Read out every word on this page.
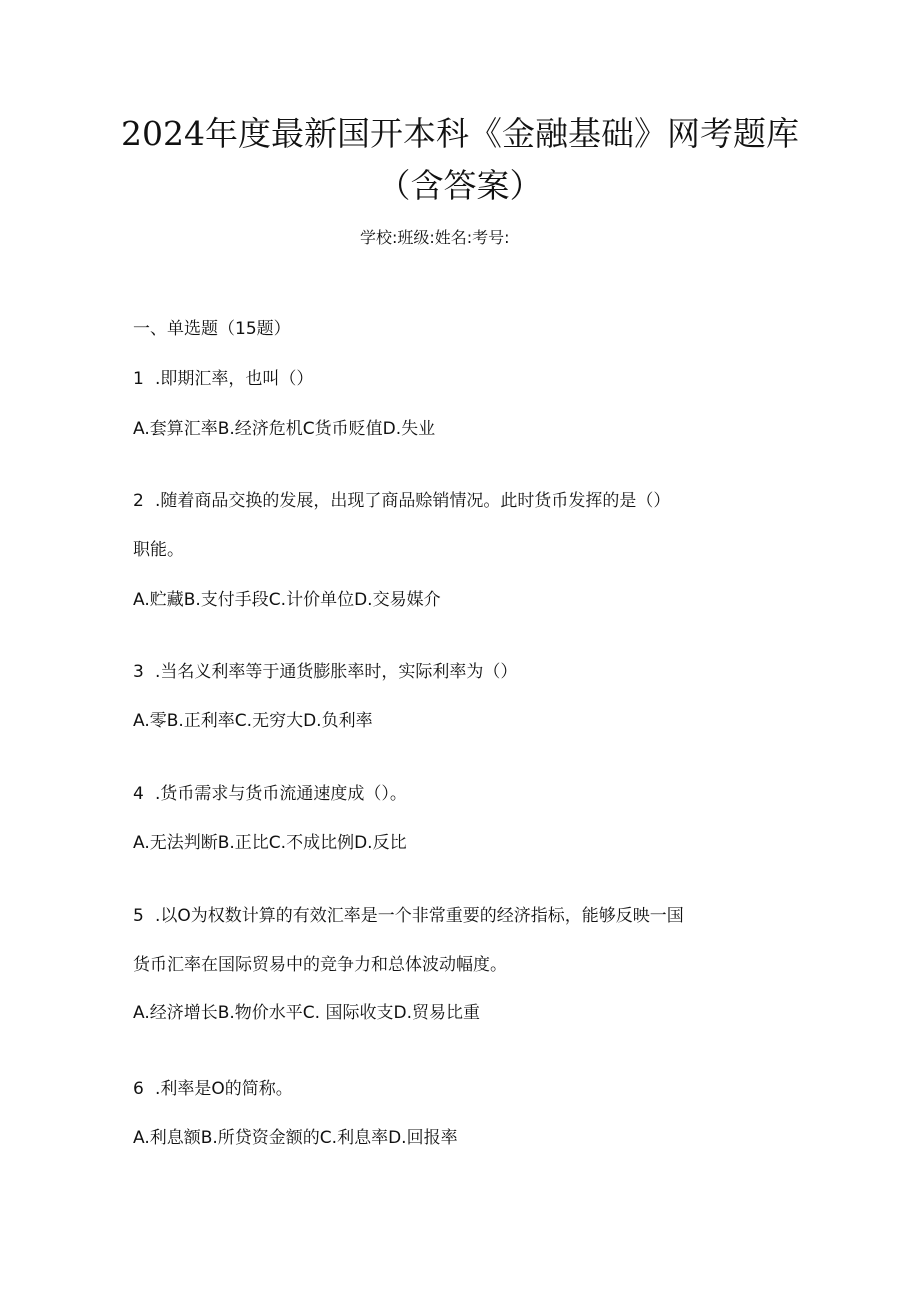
2024年度最新国开本科《金融基础》网考题库
（含答案）
学校:班级:姓名:考号:
一、单选题（15题）
1 .即期汇率，也叫（）
A.套算汇率B.经济危机C货币贬值D.失业
2 .随着商品交换的发展，出现了商品赊销情况。此时货币发挥的是（）
职能。
A.贮藏B.支付手段C.计价单位D.交易媒介
3 .当名义利率等于通货膨胀率时，实际利率为（）
A.零B.正利率C.无穷大D.负利率
4 .货币需求与货币流通速度成（）。
A.无法判断B.正比C.不成比例D.反比
5 .以O为权数计算的有效汇率是一个非常重要的经济指标，能够反映一国
货币汇率在国际贸易中的竞争力和总体波动幅度。
A.经济增长B.物价水平C. 国际收支D.贸易比重
6 .利率是O的简称。
A.利息额B.所贷资金额的C.利息率D.回报率
